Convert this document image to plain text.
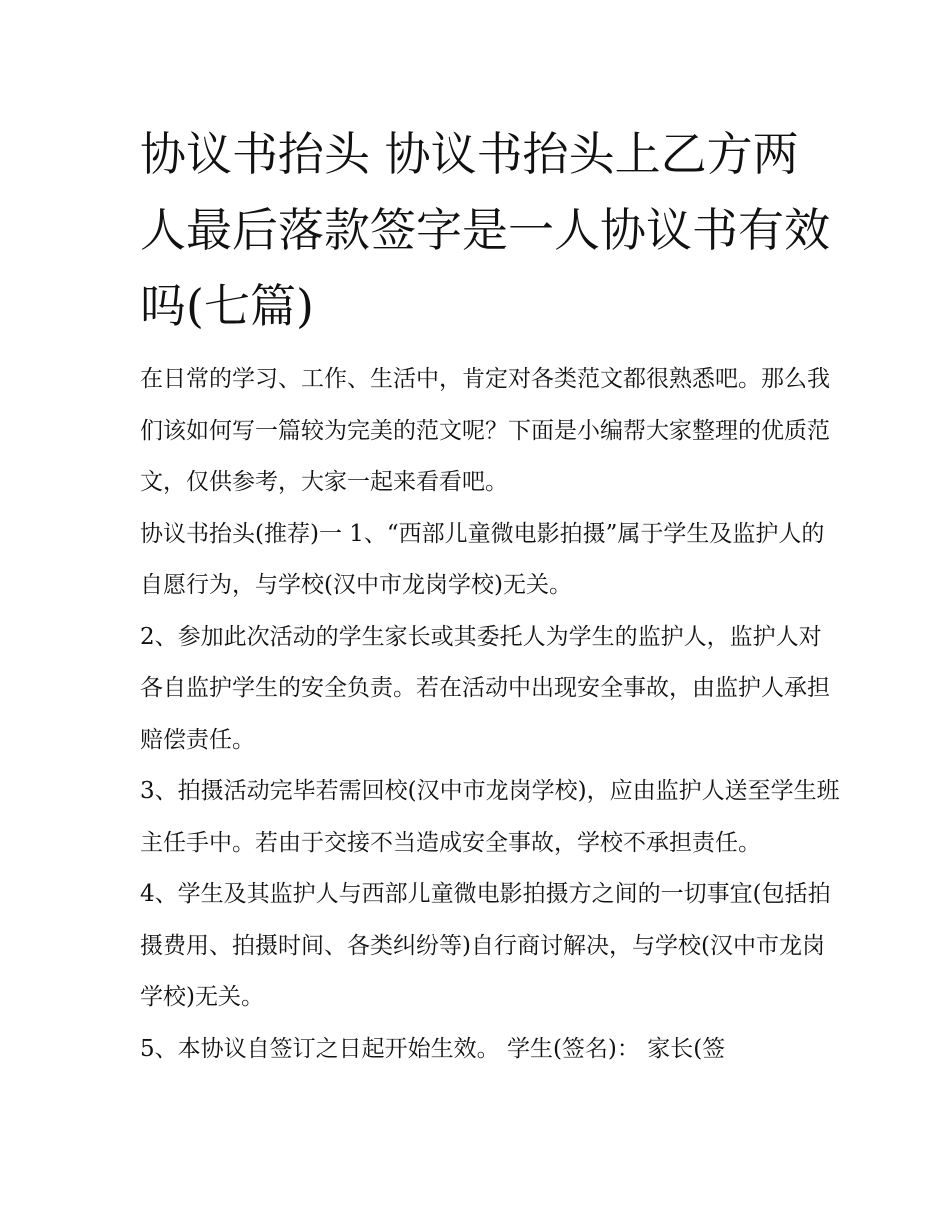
协议书抬头 协议书抬头上乙方两人最后落款签字是一人协议书有效吗(七篇)

在日常的学习、工作、生活中，肯定对各类范文都很熟悉吧。那么我们该如何写一篇较为完美的范文呢？下面是小编帮大家整理的优质范文，仅供参考，大家一起来看看吧。

协议书抬头(推荐)一 1、“西部儿童微电影拍摄”属于学生及监护人的自愿行为，与学校(汉中市龙岗学校)无关。

2、参加此次活动的学生家长或其委托人为学生的监护人，监护人对各自监护学生的安全负责。若在活动中出现安全事故，由监护人承担赔偿责任。

3、拍摄活动完毕若需回校(汉中市龙岗学校)，应由监护人送至学生班主任手中。若由于交接不当造成安全事故，学校不承担责任。

4、学生及其监护人与西部儿童微电影拍摄方之间的一切事宜(包括拍摄费用、拍摄时间、各类纠纷等)自行商讨解决，与学校(汉中市龙岗学校)无关。

5、本协议自签订之日起开始生效。 学生(签名)： 家长(签
